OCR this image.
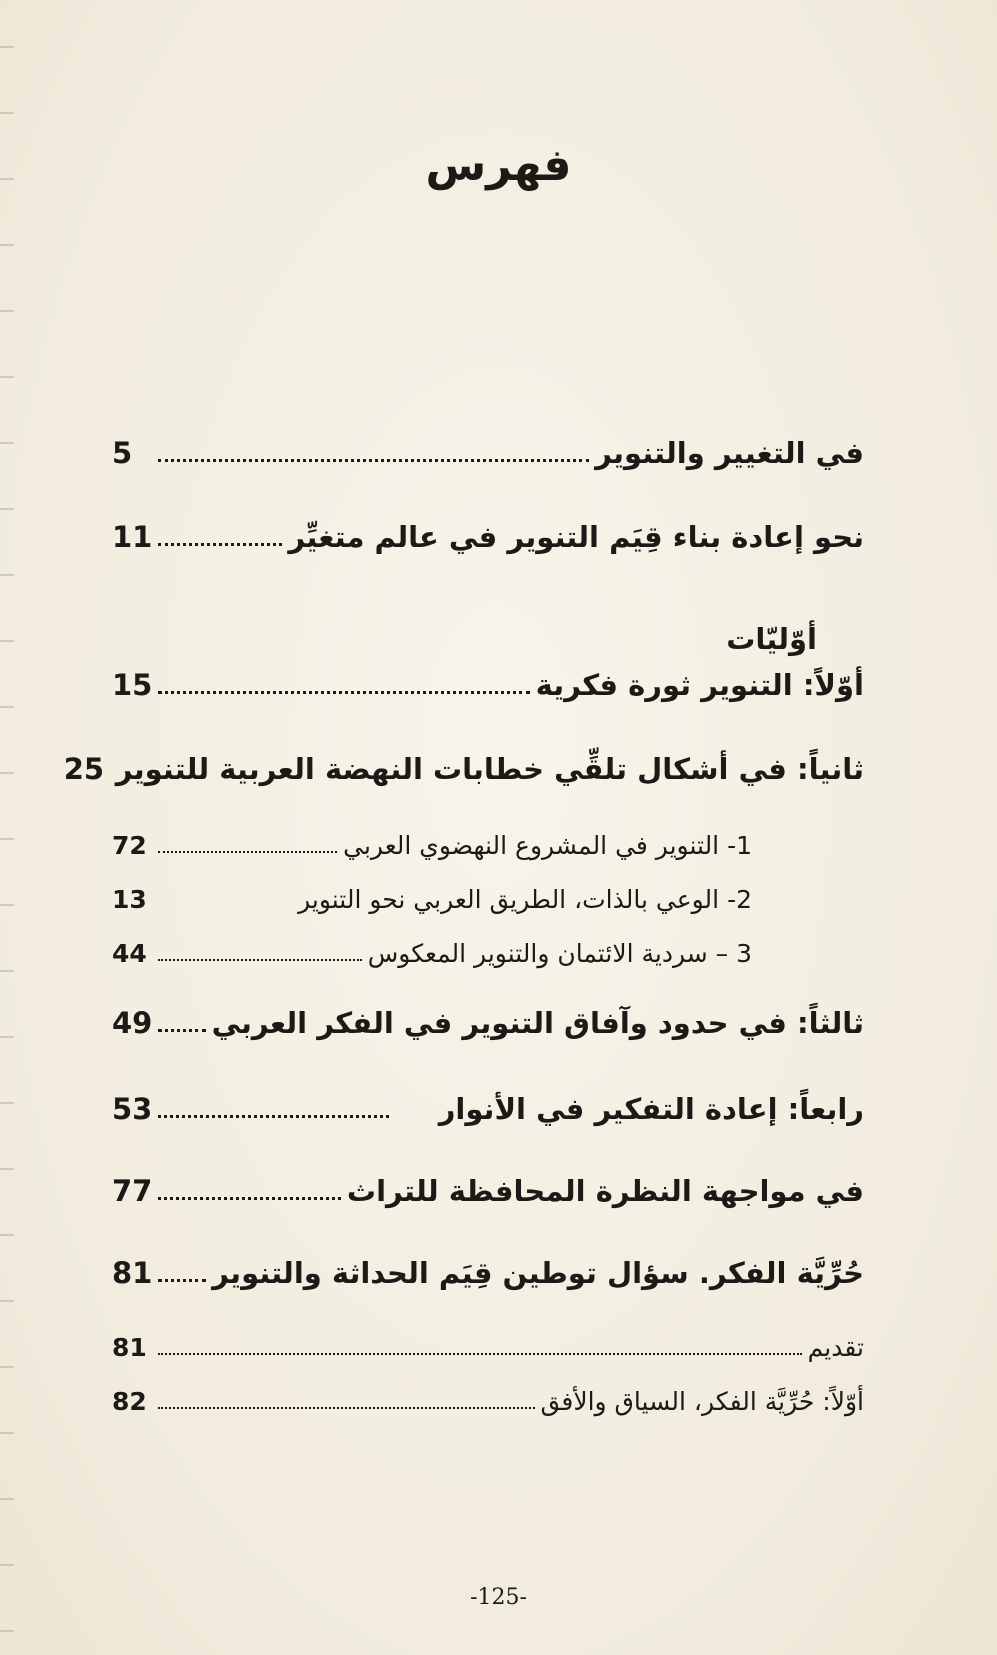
فهرس
في التغيير والتنوير
5
نحو إعادة بناء قِيَم التنوير في عالم متغيِّر
11
أوّليّات
أوّلاً: التنوير ثورة فكرية
15
ثانياً: في أشكال تلقِّي خطابات النهضة العربية للتنوير
25
1- التنوير في المشروع النهضوي العربي
72
2- الوعي بالذات، الطريق العربي نحو التنوير
13
3 – سردية الائتمان والتنوير المعكوس
44
ثالثاً: في حدود وآفاق التنوير في الفكر العربي
49
رابعاً: إعادة التفكير في الأنوار
53
في مواجهة النظرة المحافظة للتراث
77
حُرِّيَّة الفكر. سؤال توطين قِيَم الحداثة والتنوير
81
تقديم
81
أوّلاً: حُرِّيَّة الفكر، السياق والأفق
82
-125-
